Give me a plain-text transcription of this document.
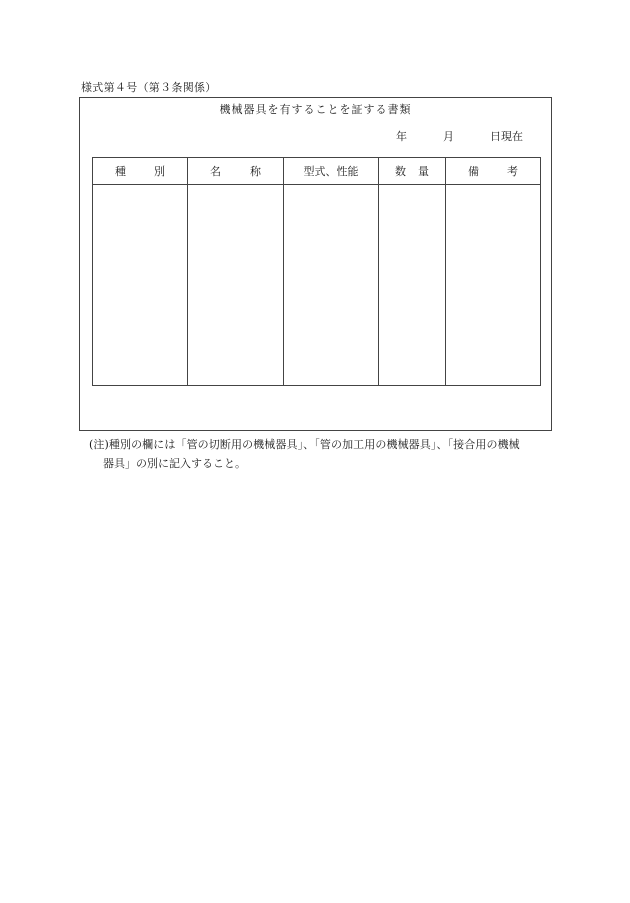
様式第４号（第３条関係）
機械器具を有することを証する書類
年	月	日現在
種 別	名 称	型式、性能	数 量	備 考

(注)種別の欄には「管の切断用の機械器具」、「管の加工用の機械器具」、「接合用の機械
器具」の別に記入すること。
